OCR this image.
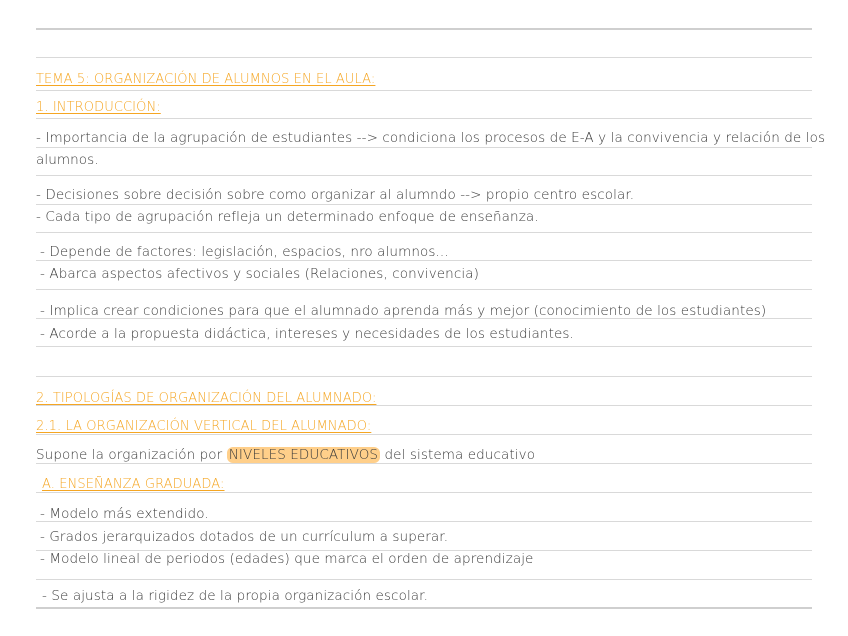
TEMA 5: ORGANIZACIÓN DE ALUMNOS EN EL AULA:
1. INTRODUCCIÓN:
- Importancia de la agrupación de estudiantes --> condiciona los procesos de E-A y la convivencia y relación de los
alumnos.
- Decisiones sobre decisión sobre como organizar al alumndo --> propio centro escolar.
- Cada tipo de agrupación refleja un determinado enfoque de enseñanza.
- Depende de factores: legislación, espacios, nro alumnos...
- Abarca aspectos afectivos y sociales (Relaciones, convivencia)
- Implica crear condiciones para que el alumnado aprenda más y mejor (conocimiento de los estudiantes)
- Acorde a la propuesta didáctica, intereses y necesidades de los estudiantes.
2. TIPOLOGÍAS DE ORGANIZACIÓN DEL ALUMNADO:
2.1. LA ORGANIZACIÓN VERTICAL DEL ALUMNADO:
Supone la organización por NIVELES EDUCATIVOS del sistema educativo
A. ENSEÑANZA GRADUADA:
- Modelo más extendido.
- Grados jerarquizados dotados de un currículum a superar.
- Modelo lineal de periodos (edades) que marca el orden de aprendizaje
- Se ajusta a la rigidez de la propia organización escolar.
